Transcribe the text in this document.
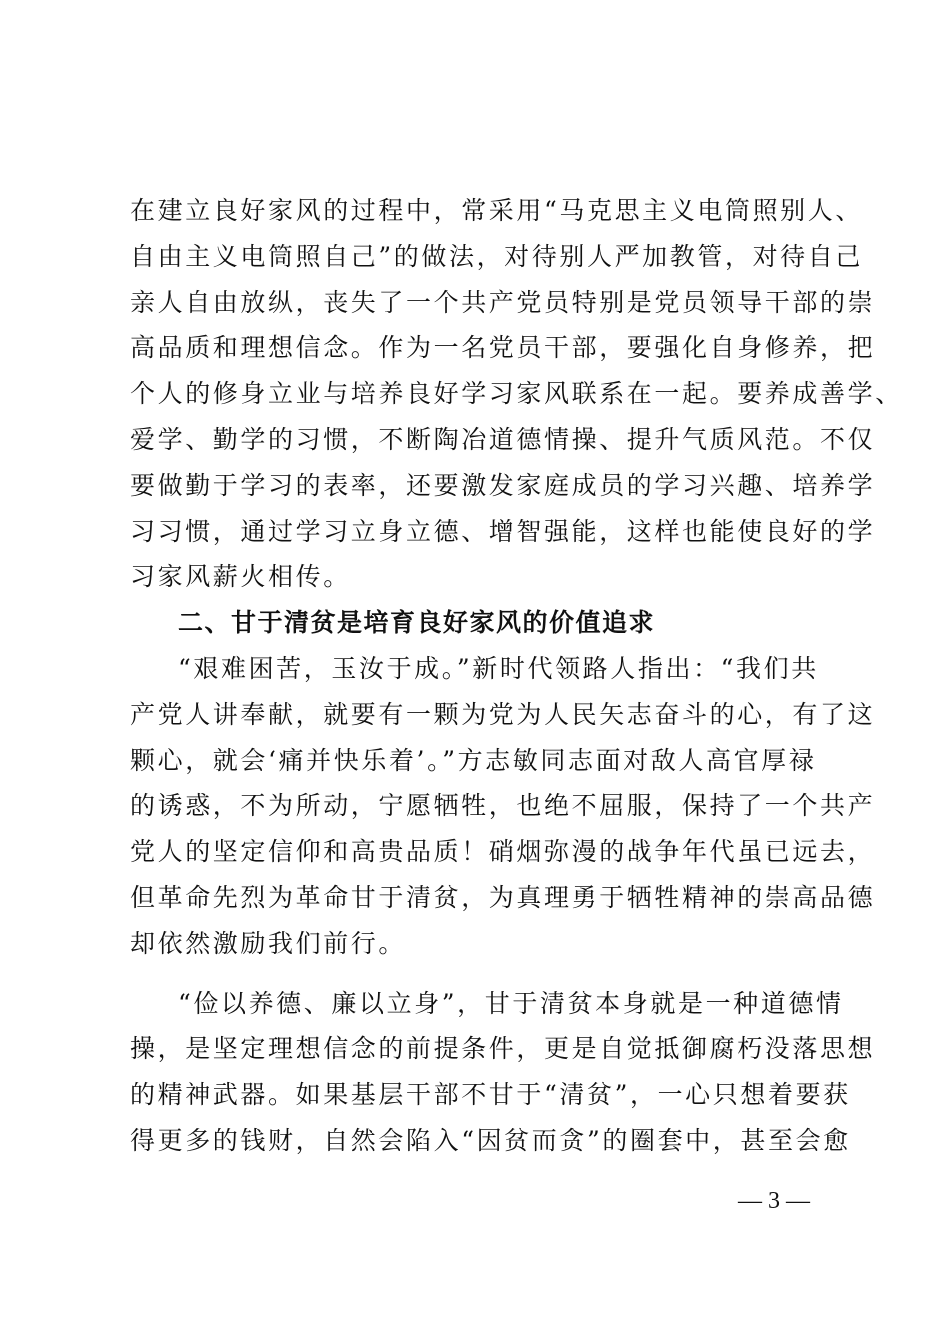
在建立良好家风的过程中，常采用“马克思主义电筒照别人、
自由主义电筒照自己”的做法，对待别人严加教管，对待自己
亲人自由放纵，丧失了一个共产党员特别是党员领导干部的崇
高品质和理想信念。作为一名党员干部，要强化自身修养，把
个人的修身立业与培养良好学习家风联系在一起。要养成善学、
爱学、勤学的习惯，不断陶冶道德情操、提升气质风范。不仅
要做勤于学习的表率，还要激发家庭成员的学习兴趣、培养学
习习惯，通过学习立身立德、增智强能，这样也能使良好的学
习家风薪火相传。
二、甘于清贫是培育良好家风的价值追求
“艰难困苦，玉汝于成。”新时代领路人指出：“我们共
产党人讲奉献，就要有一颗为党为人民矢志奋斗的心，有了这
颗心，就会‘痛并快乐着’。”方志敏同志面对敌人高官厚禄
的诱惑，不为所动，宁愿牺牲，也绝不屈服，保持了一个共产
党人的坚定信仰和高贵品质！硝烟弥漫的战争年代虽已远去，
但革命先烈为革命甘于清贫，为真理勇于牺牲精神的崇高品德
却依然激励我们前行。
“俭以养德、廉以立身”，甘于清贫本身就是一种道德情
操，是坚定理想信念的前提条件，更是自觉抵御腐朽没落思想
的精神武器。如果基层干部不甘于“清贫”，一心只想着要获
得更多的钱财，自然会陷入“因贫而贪”的圈套中，甚至会愈
— 3 —
